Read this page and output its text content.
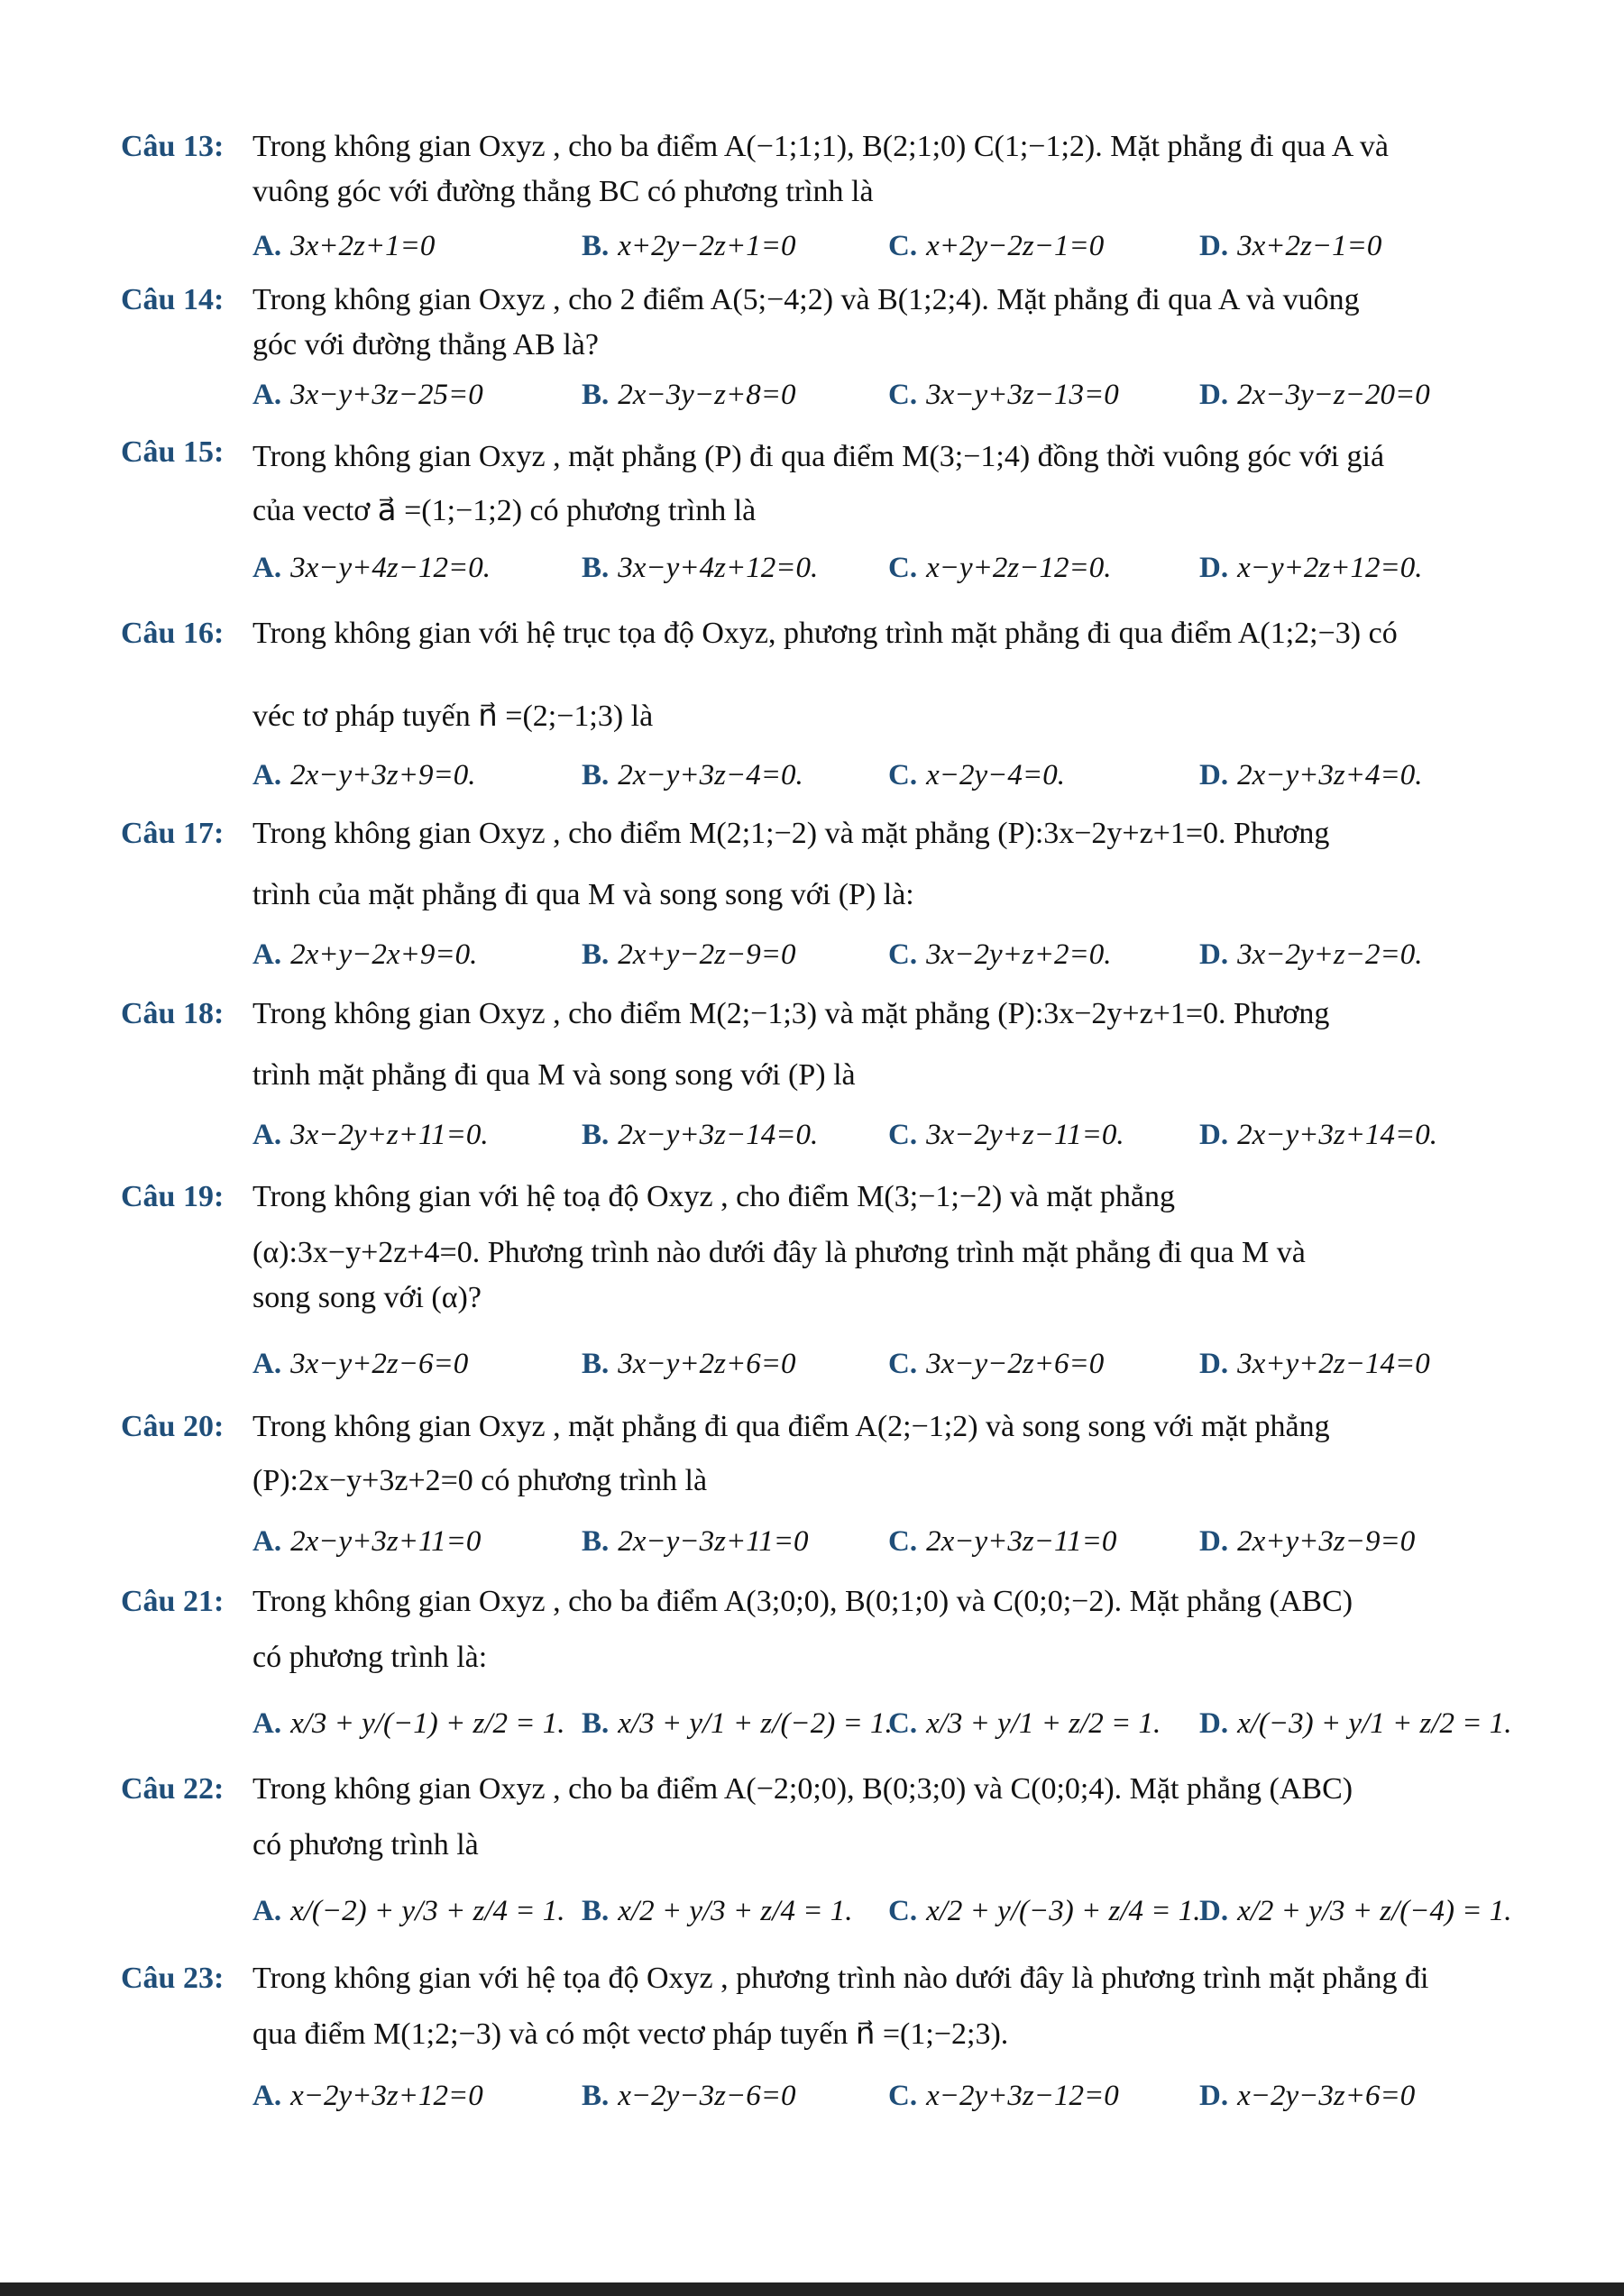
Câu 13: Trong không gian Oxyz , cho ba điểm A(−1;1;1), B(2;1;0) C(1;−1;2). Mặt phẳng đi qua A và
vuông góc với đường thẳng BC có phương trình là
A. 3x+2z+1=0	B. x+2y−2z+1=0	C. x+2y−2z−1=0	D. 3x+2z−1=0
Câu 14: Trong không gian Oxyz , cho 2 điểm A(5;−4;2) và B(1;2;4). Mặt phẳng đi qua A và vuông
góc với đường thẳng AB là?
A. 3x−y+3z−25=0	B. 2x−3y−z+8=0	C. 3x−y+3z−13=0	D. 2x−3y−z−20=0
Câu 15: Trong không gian Oxyz , mặt phẳng (P) đi qua điểm M(3;−1;4) đồng thời vuông góc với giá
của vectơ a⃗ =(1;−1;2) có phương trình là
A. 3x−y+4z−12=0.	B. 3x−y+4z+12=0. C. x−y+2z−12=0.	D. x−y+2z+12=0.
Câu 16: Trong không gian với hệ trục tọa độ Oxyz, phương trình mặt phẳng đi qua điểm A(1;2;−3) có
véc tơ pháp tuyến n⃗ =(2;−1;3) là
A. 2x−y+3z+9=0.	B. 2x−y+3z−4=0.	C. x−2y−4=0.	D. 2x−y+3z+4=0.
Câu 17: Trong không gian Oxyz , cho điểm M(2;1;−2) và mặt phẳng (P):3x−2y+z+1=0. Phương
trình của mặt phẳng đi qua M và song song với (P) là:
A. 2x+y−2x+9=0.	B. 2x+y−2z−9=0	C. 3x−2y+z+2=0.	D. 3x−2y+z−2=0.
Câu 18: Trong không gian Oxyz , cho điểm M(2;−1;3) và mặt phẳng (P):3x−2y+z+1=0. Phương
trình mặt phẳng đi qua M và song song với (P) là
A. 3x−2y+z+11=0.	B. 2x−y+3z−14=0. C. 3x−2y+z−11=0.	D. 2x−y+3z+14=0.
Câu 19: Trong không gian với hệ toạ độ Oxyz , cho điểm M(3;−1;−2) và mặt phẳng
(α):3x−y+2z+4=0. Phương trình nào dưới đây là phương trình mặt phẳng đi qua M và
song song với (α)?
A. 3x−y+2z−6=0	B. 3x−y+2z+6=0	C. 3x−y−2z+6=0	D. 3x+y+2z−14=0
Câu 20: Trong không gian Oxyz , mặt phẳng đi qua điểm A(2;−1;2) và song song với mặt phẳng
(P):2x−y+3z+2=0 có phương trình là
A. 2x−y+3z+11=0	B. 2x−y−3z+11=0	C. 2x−y+3z−11=0	D. 2x+y+3z−9=0
Câu 21: Trong không gian Oxyz , cho ba điểm A(3;0;0), B(0;1;0) và C(0;0;−2). Mặt phẳng (ABC)
có phương trình là:
A. x/3 + y/(−1) + z/2 = 1. B. x/3 + y/1 + z/(−2) = 1.
C. x/3 + y/1 + z/2 = 1. D. x/(−3) + y/1 + z/2 = 1.
Câu 22: Trong không gian Oxyz , cho ba điểm A(−2;0;0), B(0;3;0) và C(0;0;4). Mặt phẳng (ABC)
có phương trình là
A. x/(−2) + y/3 + z/4 = 1. B. x/2 + y/3 + z/4 = 1. C. x/2 + y/(−3) + z/4 = 1.
D. x/2 + y/3 + z/(−4) = 1.
Câu 23: Trong không gian với hệ tọa độ Oxyz , phương trình nào dưới đây là phương trình mặt phẳng đi
qua điểm M(1;2;−3) và có một vectơ pháp tuyến n⃗ =(1;−2;3).
A. x−2y+3z+12=0	B. x−2y−3z−6=0	C. x−2y+3z−12=0	D. x−2y−3z+6=0
